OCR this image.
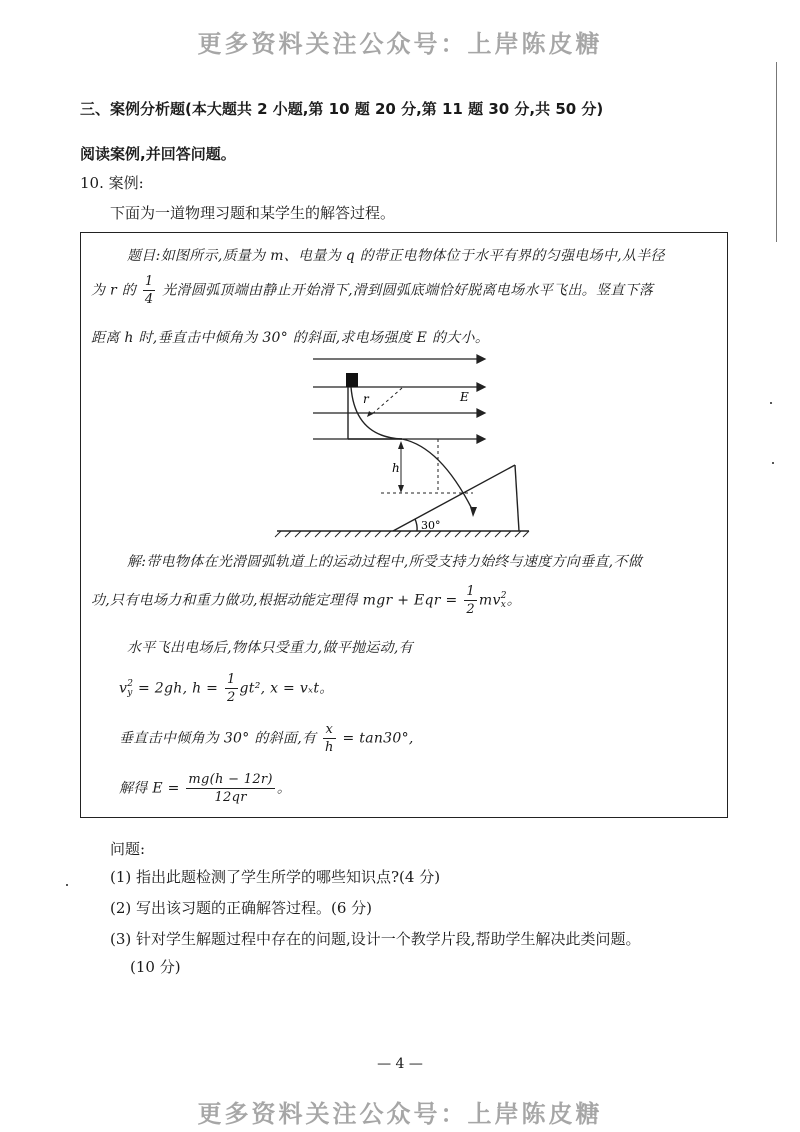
更多资料关注公众号：上岸陈皮糖
三、案例分析题(本大题共 2 小题,第 10 题 20 分,第 11 题 30 分,共 50 分)
阅读案例,并回答问题。
10. 案例:
下面为一道物理习题和某学生的解答过程。
题目:如图所示,质量为 m、电量为 q 的带正电物体位于水平有界的匀强电场中,从半径
为 r 的 $\frac{1}{4}$ 光滑圆弧顶端由静止开始滑下,滑到圆弧底端恰好脱离电场水平飞出。竖直下落
距离 h 时,垂直击中倾角为 30° 的斜面,求电场强度 E 的大小。
r	E
h
30°
解:带电物体在光滑圆弧轨道上的运动过程中,所受支持力始终与速度方向垂直,不做
功,只有电场力和重力做功,根据动能定理得 mgr + Eqr = $\frac{1}{2}$ mv 2
x 。
水平飞出电场后,物体只受重力,做平抛运动,有
v 2
y = 2gh, $h = \frac{1}{2} gt^2$, x = vₓt。
垂直击中倾角为 30° 的斜面,有 $\frac{x}{h} = \tan 30^\circ$,
解得 $E = \frac{mg(h - 12r)}{12qr}$ 。
问题:
(1) 指出此题检测了学生所学的哪些知识点?(4 分)
(2) 写出该习题的正确解答过程。(6 分)
(3) 针对学生解题过程中存在的问题,设计一个教学片段,帮助学生解决此类问题。
(10 分)
— 4 —
更多资料关注公众号：上岸陈皮糖
